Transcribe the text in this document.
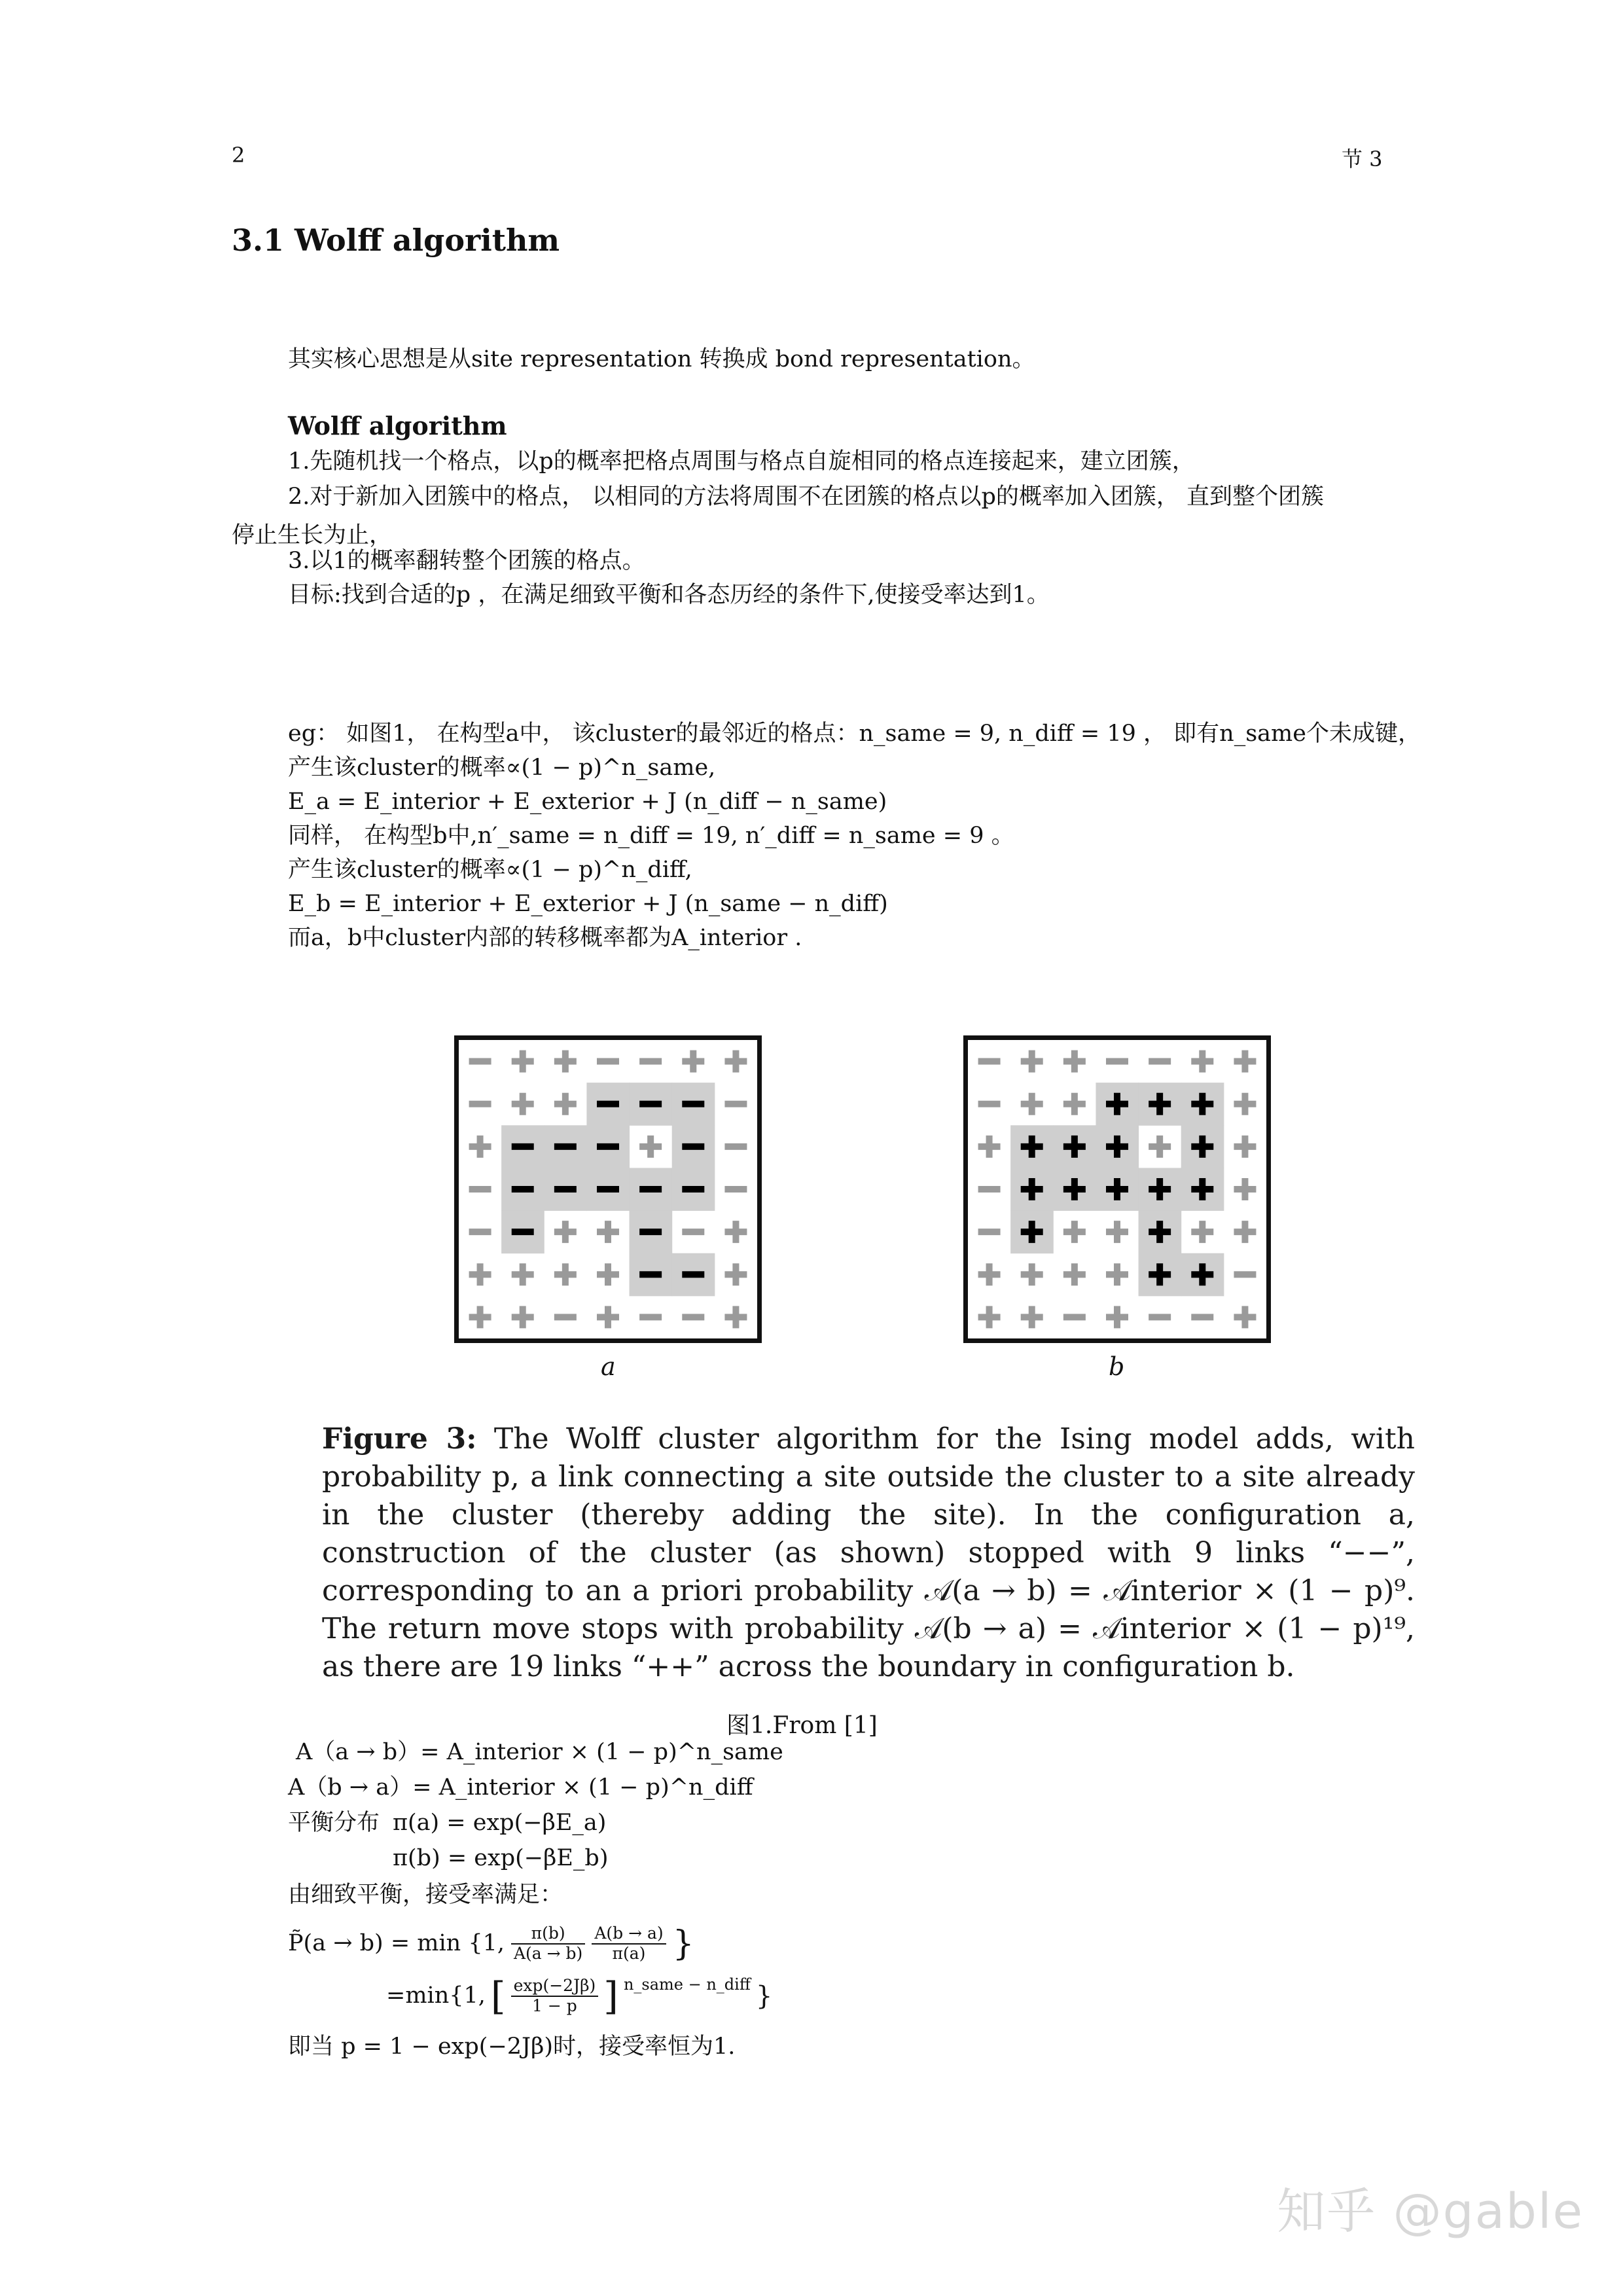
2	节 3
3.1 Wolff algorithm
其实核心思想是从site representation 转换成 bond representation。
Wolff algorithm
1.先随机找一个格点，以p的概率把格点周围与格点自旋相同的格点连接起来，建立团簇，
2.对于新加入团簇中的格点， 以相同的方法将周围不在团簇的格点以p的概率加入团簇， 直到整个团簇
停止生长为止，
3.以1的概率翻转整个团簇的格点。
目标:找到合适的p ，在满足细致平衡和各态历经的条件下,使接受率达到1。
eg： 如图1， 在构型a中， 该cluster的最邻近的格点：n_same = 9, n_diff = 19 ， 即有n_same个未成键，
产生该cluster的概率∝(1 − p)^n_same,
E_a = E_interior + E_exterior + J (n_diff − n_same)
同样， 在构型b中,n′_same = n_diff = 19, n′_diff = n_same = 9 。
产生该cluster的概率∝(1 − p)^n_diff,
E_b = E_interior + E_exterior + J (n_same − n_diff)
而a，b中cluster内部的转移概率都为A_interior .
a	b
Figure 3: The Wolff cluster algorithm for the Ising model adds, with probability p, a link connecting a site outside the cluster to a site already in the cluster (thereby adding the site). In the configuration a, construction of the cluster (as shown) stopped with 9 links “−−”, corresponding to an a priori probability 𝒜(a → b) = 𝒜interior × (1 − p)⁹. The return move stops with probability 𝒜(b → a) = 𝒜interior × (1 − p)¹⁹, as there are 19 links “++” across the boundary in configuration b.
图1.From [1]
A（a → b）= A_interior × (1 − p)^n_same
A（b → a）= A_interior × (1 − p)^n_diff
平衡分布 π(a) = exp(−βE_a)
π(b) = exp(−βE_b)
由细致平衡，接受率满足：
P̃(a → b) = min {1, $\frac{\pi(b)}{A(a \to b)} \frac{A(b \to a)}{\pi(a)}$ }
=min{1, [ $\frac{\exp(-2J\beta)}{1 - p}$ ] n_same − n_diff }
即当 p = 1 − exp(−2Jβ)时，接受率恒为1.
知乎 @gable
